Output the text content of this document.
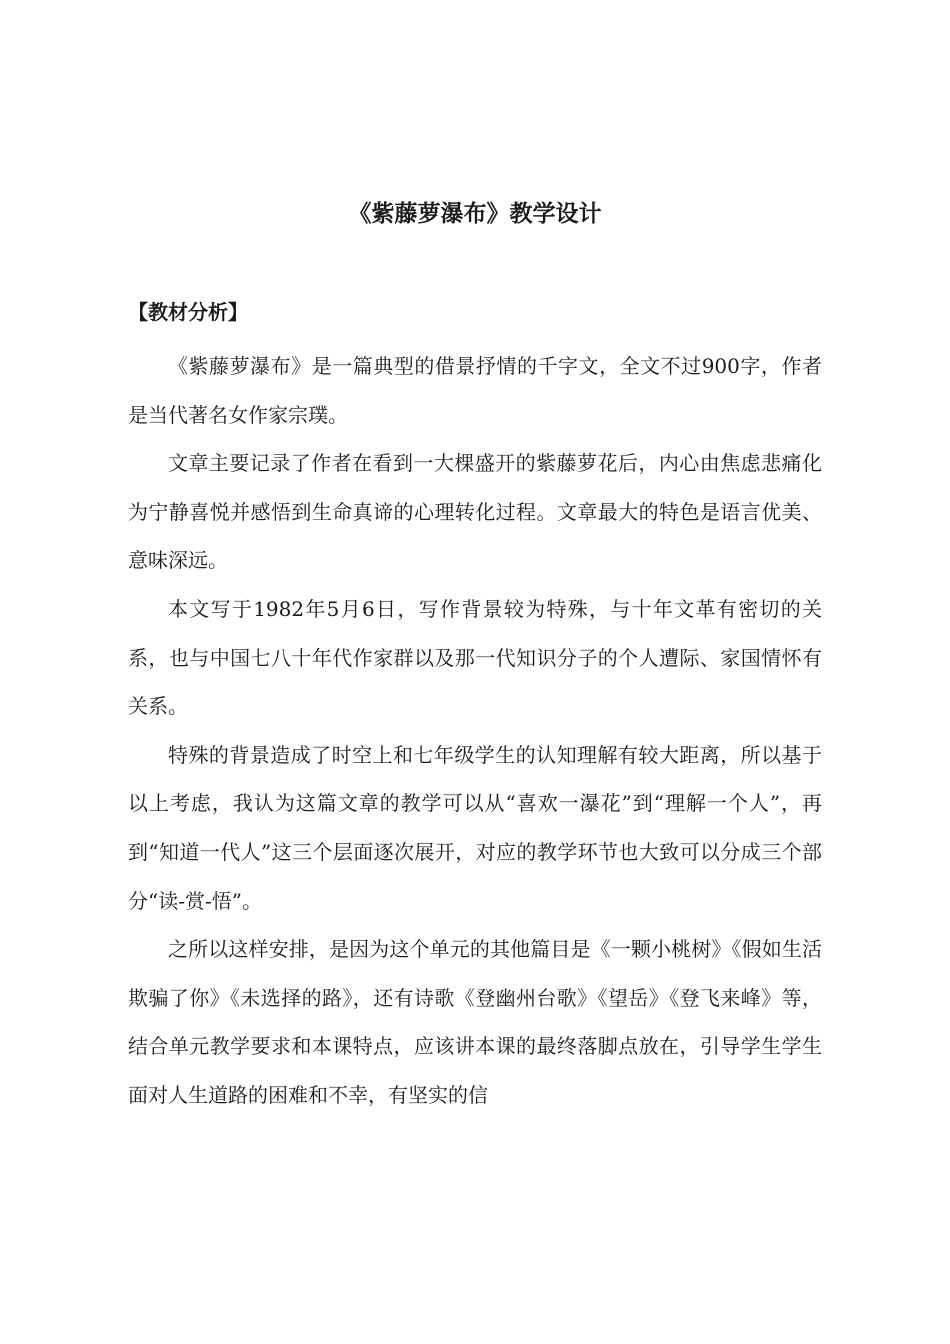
《紫藤萝瀑布》教学设计
【教材分析】

《紫藤萝瀑布》是一篇典型的借景抒情的千字文，全文不过900字，作者是当代著名女作家宗璞。

文章主要记录了作者在看到一大棵盛开的紫藤萝花后，内心由焦虑悲痛化为宁静喜悦并感悟到生命真谛的心理转化过程。文章最大的特色是语言优美、意味深远。

本文写于1982年5月6日，写作背景较为特殊，与十年文革有密切的关系，也与中国七八十年代作家群以及那一代知识分子的个人遭际、家国情怀有关系。

特殊的背景造成了时空上和七年级学生的认知理解有较大距离，所以基于以上考虑，我认为这篇文章的教学可以从“喜欢一瀑花”到“理解一个人”，再到“知道一代人”这三个层面逐次展开，对应的教学环节也大致可以分成三个部分“读-赏-悟”。

之所以这样安排，是因为这个单元的其他篇目是《一颗小桃树》《假如生活欺骗了你》《未选择的路》，还有诗歌《登幽州台歌》《望岳》《登飞来峰》等，结合单元教学要求和本课特点，应该讲本课的最终落脚点放在，引导学生学生面对人生道路的困难和不幸，有坚实的信
